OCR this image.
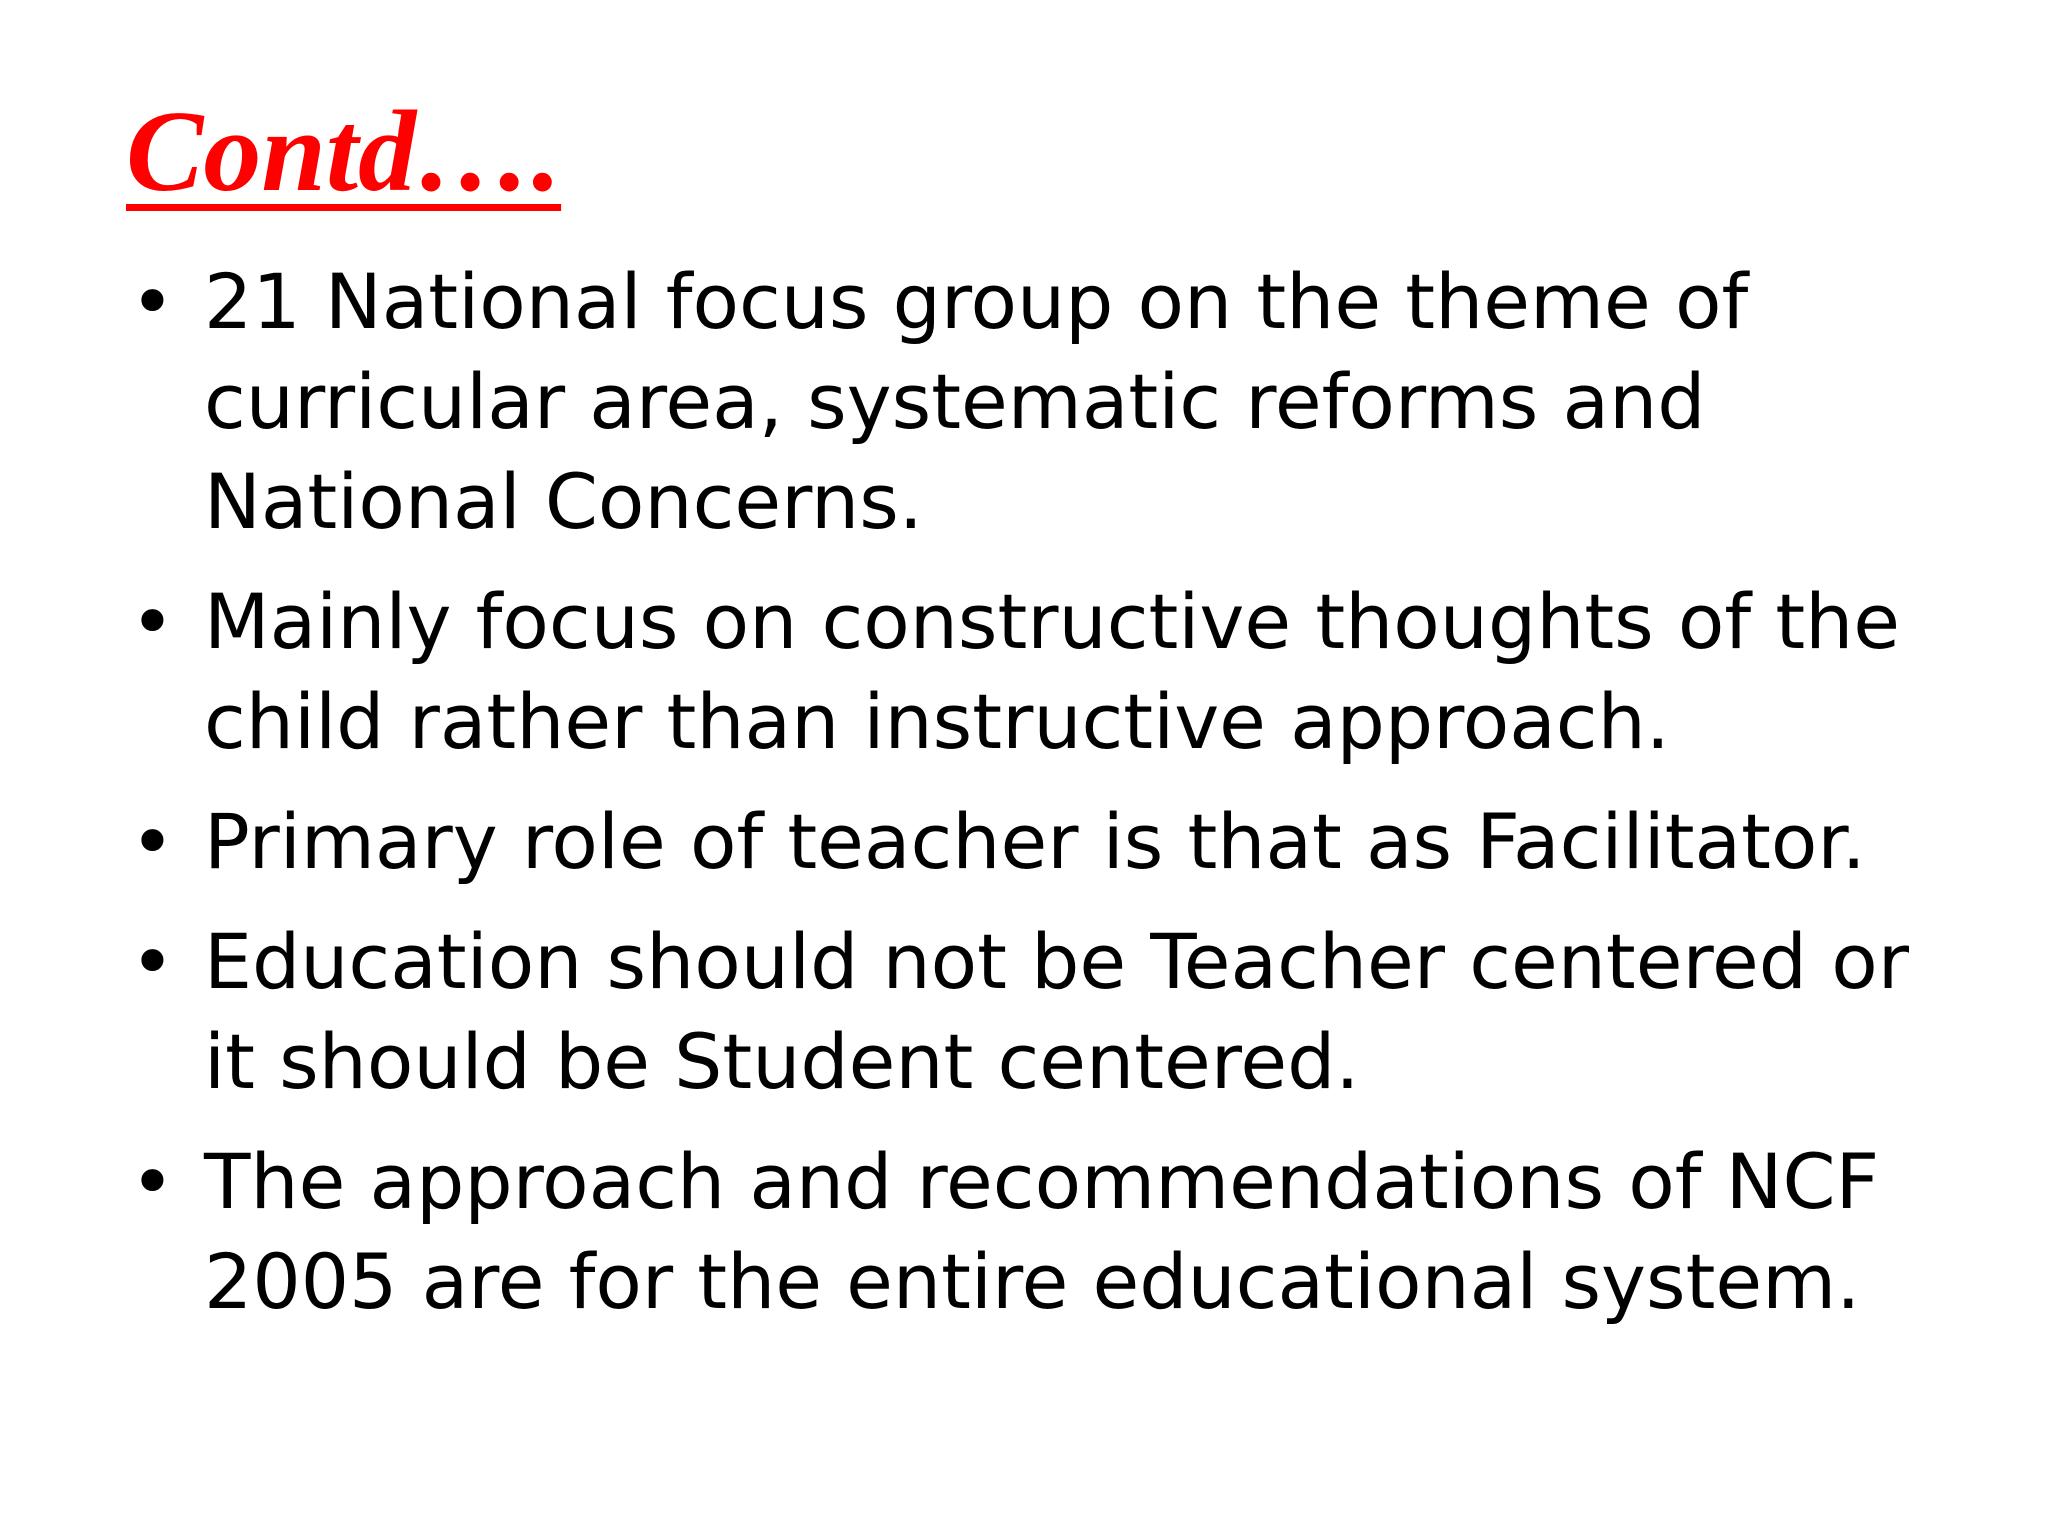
Contd….
• 21 National focus group on the theme of curricular area, systematic reforms and National Concerns.
• Mainly focus on constructive thoughts of the child rather than instructive approach.
• Primary role of teacher is that as Facilitator.
• Education should not be Teacher centered or it should be Student centered.
• The approach and recommendations of NCF 2005 are for the entire educational system.
